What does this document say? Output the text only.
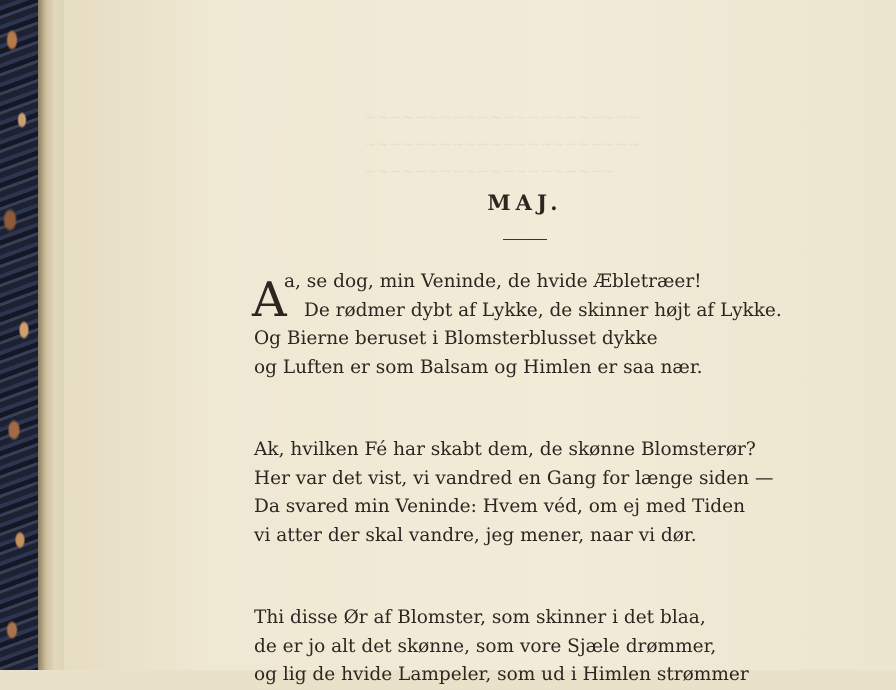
~~~~~~~~~~~~~~~~~~~~~~
~~~~~~~~~~~~~~~~~~~~~~
~~~~~~~~~~~~~~~~~~~~
MAJ.
A
a, se dog, min Veninde, de hvide Æbletræer!
De rødmer dybt af Lykke, de skinner højt af Lykke.
Og Bierne beruset i Blomsterblusset dykke
og Luften er som Balsam og Himlen er saa nær.
Ak, hvilken Fé har skabt dem, de skønne Blomsterør?
Her var det vist, vi vandred en Gang for længe siden —
Da svared min Veninde: Hvem véd, om ej med Tiden
vi atter der skal vandre, jeg mener, naar vi dør.
Thi disse Ør af Blomster, som skinner i det blaa,
de er jo alt det skønne, som vore Sjæle drømmer,
og lig de hvide Lampeler, som ud i Himlen strømmer
